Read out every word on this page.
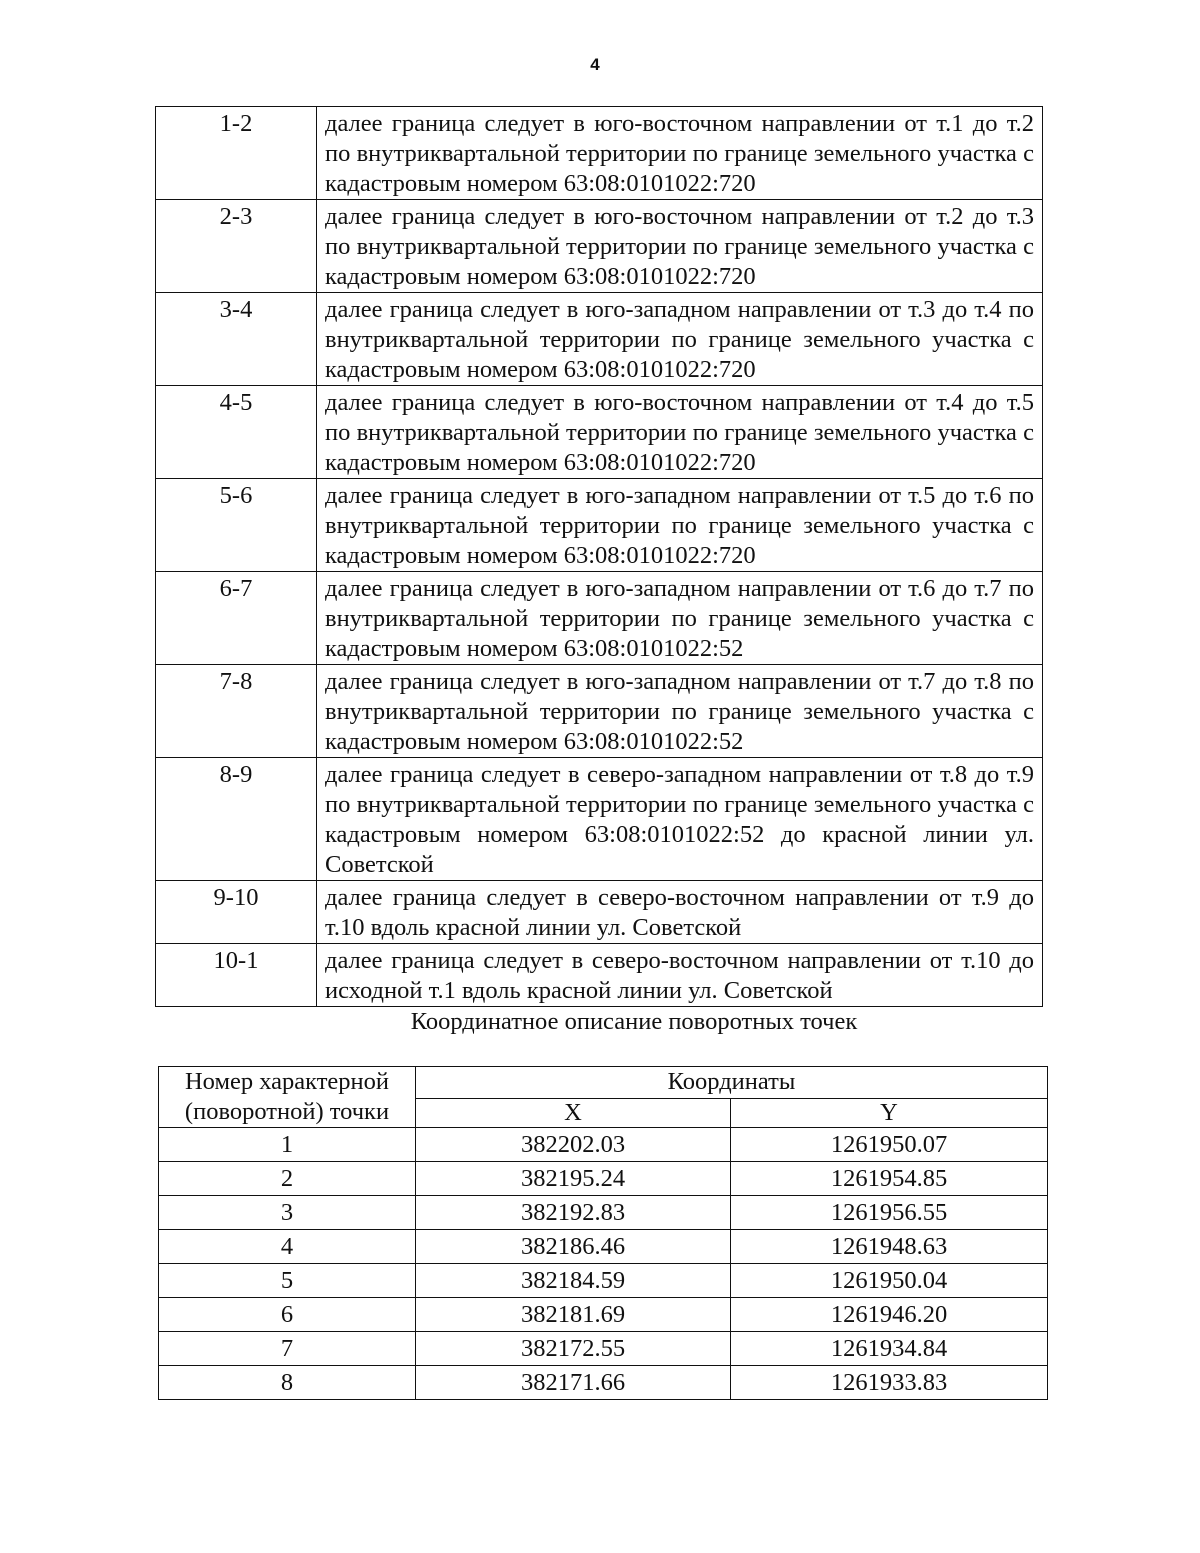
4
1-2	далее граница следует в юго-восточном направлении от т.1 до т.2 по внутриквартальной территории по границе земельного участка с кадастровым номером 63:08:0101022:720
2-3	далее граница следует в юго-восточном направлении от т.2 до т.3 по внутриквартальной территории по границе земельного участка с кадастровым номером 63:08:0101022:720
3-4	далее граница следует в юго-западном направлении от т.3 до т.4 по внутриквартальной территории по границе земельного участка с кадастровым номером 63:08:0101022:720
4-5	далее граница следует в юго-восточном направлении от т.4 до т.5 по внутриквартальной территории по границе земельного участка с кадастровым номером 63:08:0101022:720
5-6	далее граница следует в юго-западном направлении от т.5 до т.6 по внутриквартальной территории по границе земельного участка с кадастровым номером 63:08:0101022:720
6-7	далее граница следует в юго-западном направлении от т.6 до т.7 по внутриквартальной территории по границе земельного участка с кадастровым номером 63:08:0101022:52
7-8	далее граница следует в юго-западном направлении от т.7 до т.8 по внутриквартальной территории по границе земельного участка с кадастровым номером 63:08:0101022:52
8-9	далее граница следует в северо-западном направлении от т.8 до т.9 по внутриквартальной территории по границе земельного участка с кадастровым номером 63:08:0101022:52 до красной линии ул. Советской
9-10	далее граница следует в северо-восточном направлении от т.9 до т.10 вдоль красной линии ул. Советской
10-1	далее граница следует в северо-восточном направлении от т.10 до исходной т.1 вдоль красной линии ул. Советской
Координатное описание поворотных точек
Номер характерной (поворотной) точки	Координаты	
	X	Y
1	382202.03	1261950.07
2	382195.24	1261954.85
3	382192.83	1261956.55
4	382186.46	1261948.63
5	382184.59	1261950.04
6	382181.69	1261946.20
7	382172.55	1261934.84
8	382171.66	1261933.83
